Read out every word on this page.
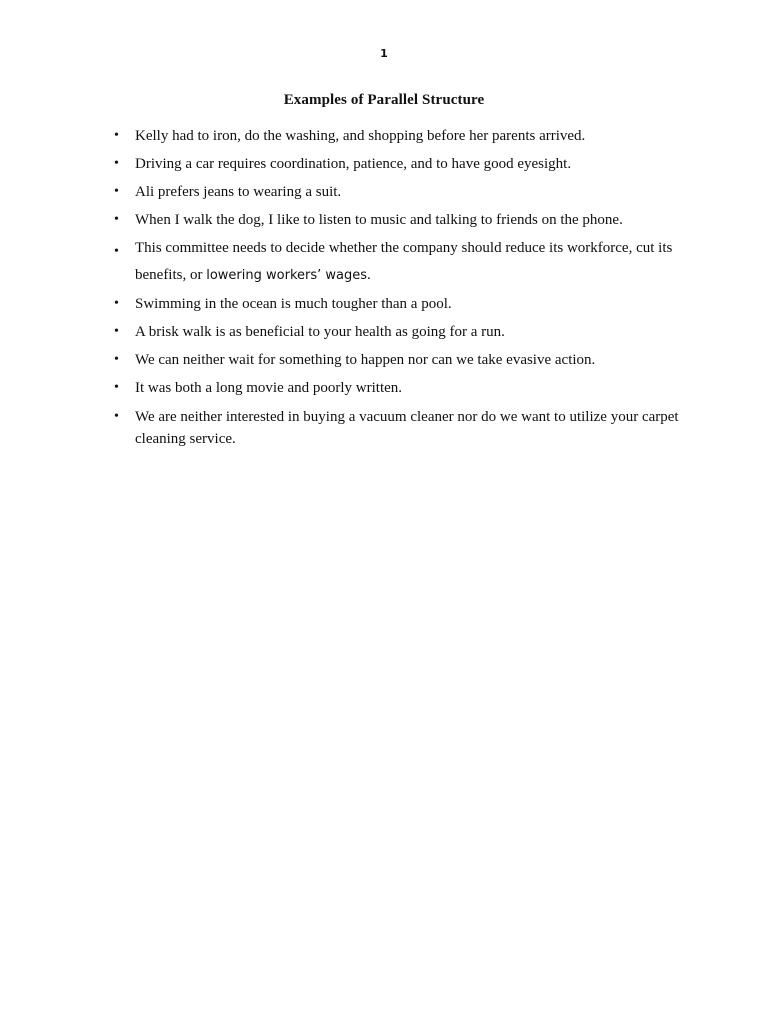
1
Examples of Parallel Structure
• Kelly had to iron, do the washing, and shopping before her parents arrived.
• Driving a car requires coordination, patience, and to have good eyesight.
• Ali prefers jeans to wearing a suit.
• When I walk the dog, I like to listen to music and talking to friends on the phone.
• This committee needs to decide whether the company should reduce its workforce, cut its benefits, or lowering workers’ wages.
• Swimming in the ocean is much tougher than a pool.
• A brisk walk is as beneficial to your health as going for a run.
• We can neither wait for something to happen nor can we take evasive action.
• It was both a long movie and poorly written.
• We are neither interested in buying a vacuum cleaner nor do we want to utilize your carpet cleaning service.
